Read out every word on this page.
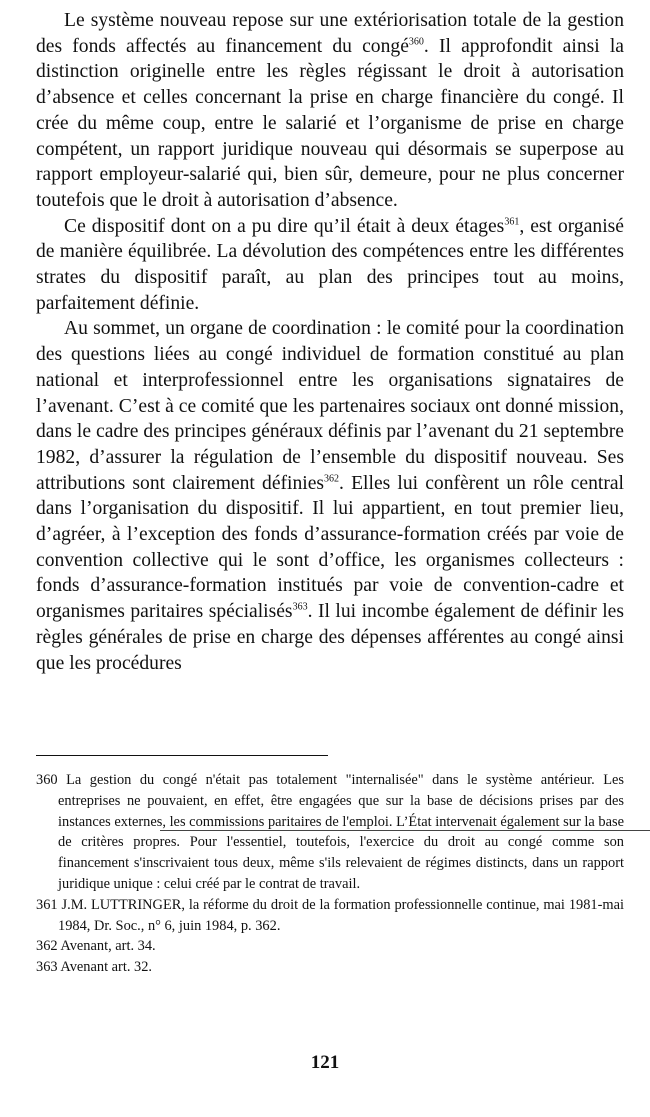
Le système nouveau repose sur une extériorisation totale de la gestion des fonds affectés au financement du congé$^{360}$. Il approfondit ainsi la distinction originelle entre les règles régissant le droit à autorisation d’absence et celles concernant la prise en charge financière du congé. Il crée du même coup, entre le salarié et l’organisme de prise en charge compétent, un rapport juridique nouveau qui désormais se superpose au rapport employeur-salarié qui, bien sûr, demeure, pour ne plus concerner toutefois que le droit à autorisation d’absence.

Ce dispositif dont on a pu dire qu’il était à deux étages$^{361}$, est organisé de manière équilibrée. La dévolution des compétences entre les différentes strates du dispositif paraît, au plan des principes tout au moins, parfaitement définie.

Au sommet, un organe de coordination : le comité pour la coordination des questions liées au congé individuel de formation constitué au plan national et interprofessionnel entre les organisations signataires de l’avenant. C’est à ce comité que les partenaires sociaux ont donné mission, dans le cadre des principes généraux définis par l’avenant du 21 septembre 1982, d’assurer la régulation de l’ensemble du dispositif nouveau. Ses attributions sont clairement définies$^{362}$. Elles lui confèrent un rôle central dans l’organisation du dispositif. Il lui appartient, en tout premier lieu, d’agréer, à l’exception des fonds d’assurance-formation créés par voie de convention collective qui le sont d’office, les organismes collecteurs : fonds d’assurance-formation institués par voie de convention-cadre et organismes paritaires spécialisés$^{363}$. Il lui incombe également de définir les règles générales de prise en charge des dépenses afférentes au congé ainsi que les procédures

360 La gestion du congé n'était pas totalement "internalisée" dans le système antérieur. Les entreprises ne pouvaient, en effet, être engagées que sur la base de décisions prises par des instances externes, les commissions paritaires de l'emploi. L’État intervenait également sur la base de critères propres. Pour l'essentiel, toutefois, l'exercice du droit au congé comme son financement s'inscrivaient tous deux, même s'ils relevaient de régimes distincts, dans un rapport juridique unique : celui créé par le contrat de travail.

361 J.M. LUTTRINGER, la réforme du droit de la formation professionnelle continue, mai 1981-mai 1984, Dr. Soc., n° 6, juin 1984, p. 362.

362 Avenant, art. 34.

363 Avenant art. 32.

121
